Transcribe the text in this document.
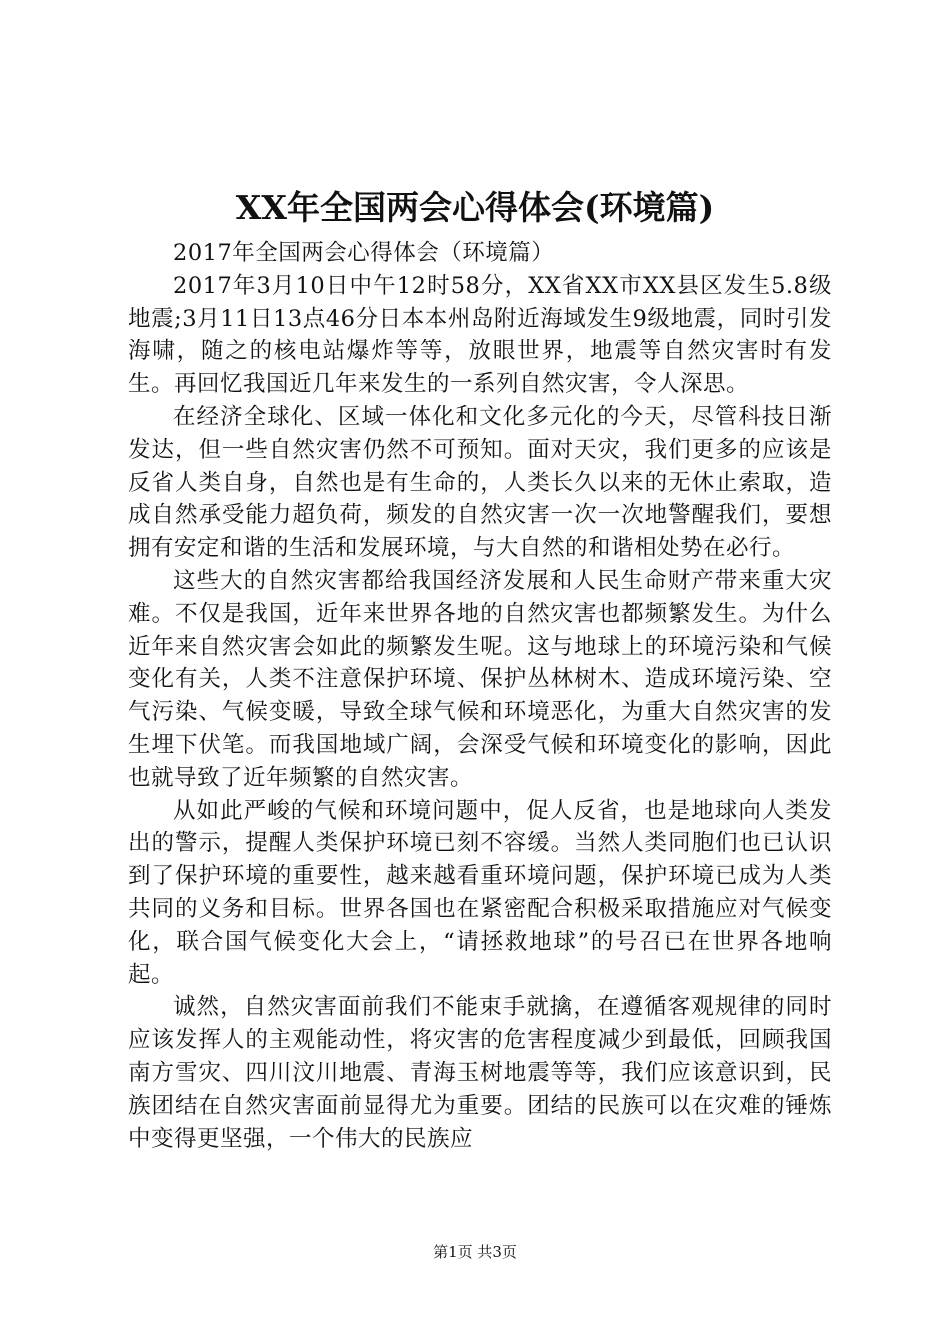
XX年全国两会心得体会(环境篇)

2017年全国两会心得体会（环境篇）

2017年3月10日中午12时58分，XX省XX市XX县区发生5.8级地震;3月11日13点46分日本本州岛附近海域发生9级地震，同时引发海啸，随之的核电站爆炸等等，放眼世界，地震等自然灾害时有发生。再回忆我国近几年来发生的一系列自然灾害，令人深思。

在经济全球化、区域一体化和文化多元化的今天，尽管科技日渐发达，但一些自然灾害仍然不可预知。面对天灾，我们更多的应该是反省人类自身，自然也是有生命的，人类长久以来的无休止索取，造成自然承受能力超负荷，频发的自然灾害一次一次地警醒我们，要想拥有安定和谐的生活和发展环境，与大自然的和谐相处势在必行。

这些大的自然灾害都给我国经济发展和人民生命财产带来重大灾难。不仅是我国，近年来世界各地的自然灾害也都频繁发生。为什么近年来自然灾害会如此的频繁发生呢。这与地球上的环境污染和气候变化有关，人类不注意保护环境、保护丛林树木、造成环境污染、空气污染、气候变暖，导致全球气候和环境恶化，为重大自然灾害的发生埋下伏笔。而我国地域广阔，会深受气候和环境变化的影响，因此也就导致了近年频繁的自然灾害。

从如此严峻的气候和环境问题中，促人反省，也是地球向人类发出的警示，提醒人类保护环境已刻不容缓。当然人类同胞们也已认识到了保护环境的重要性，越来越看重环境问题，保护环境已成为人类共同的义务和目标。世界各国也在紧密配合积极采取措施应对气候变化，联合国气候变化大会上，“请拯救地球”的号召已在世界各地响起。

诚然，自然灾害面前我们不能束手就擒，在遵循客观规律的同时应该发挥人的主观能动性，将灾害的危害程度减少到最低，回顾我国南方雪灾、四川汶川地震、青海玉树地震等等，我们应该意识到，民族团结在自然灾害面前显得尤为重要。团结的民族可以在灾难的锤炼中变得更坚强，一个伟大的民族应

第1页 共3页
